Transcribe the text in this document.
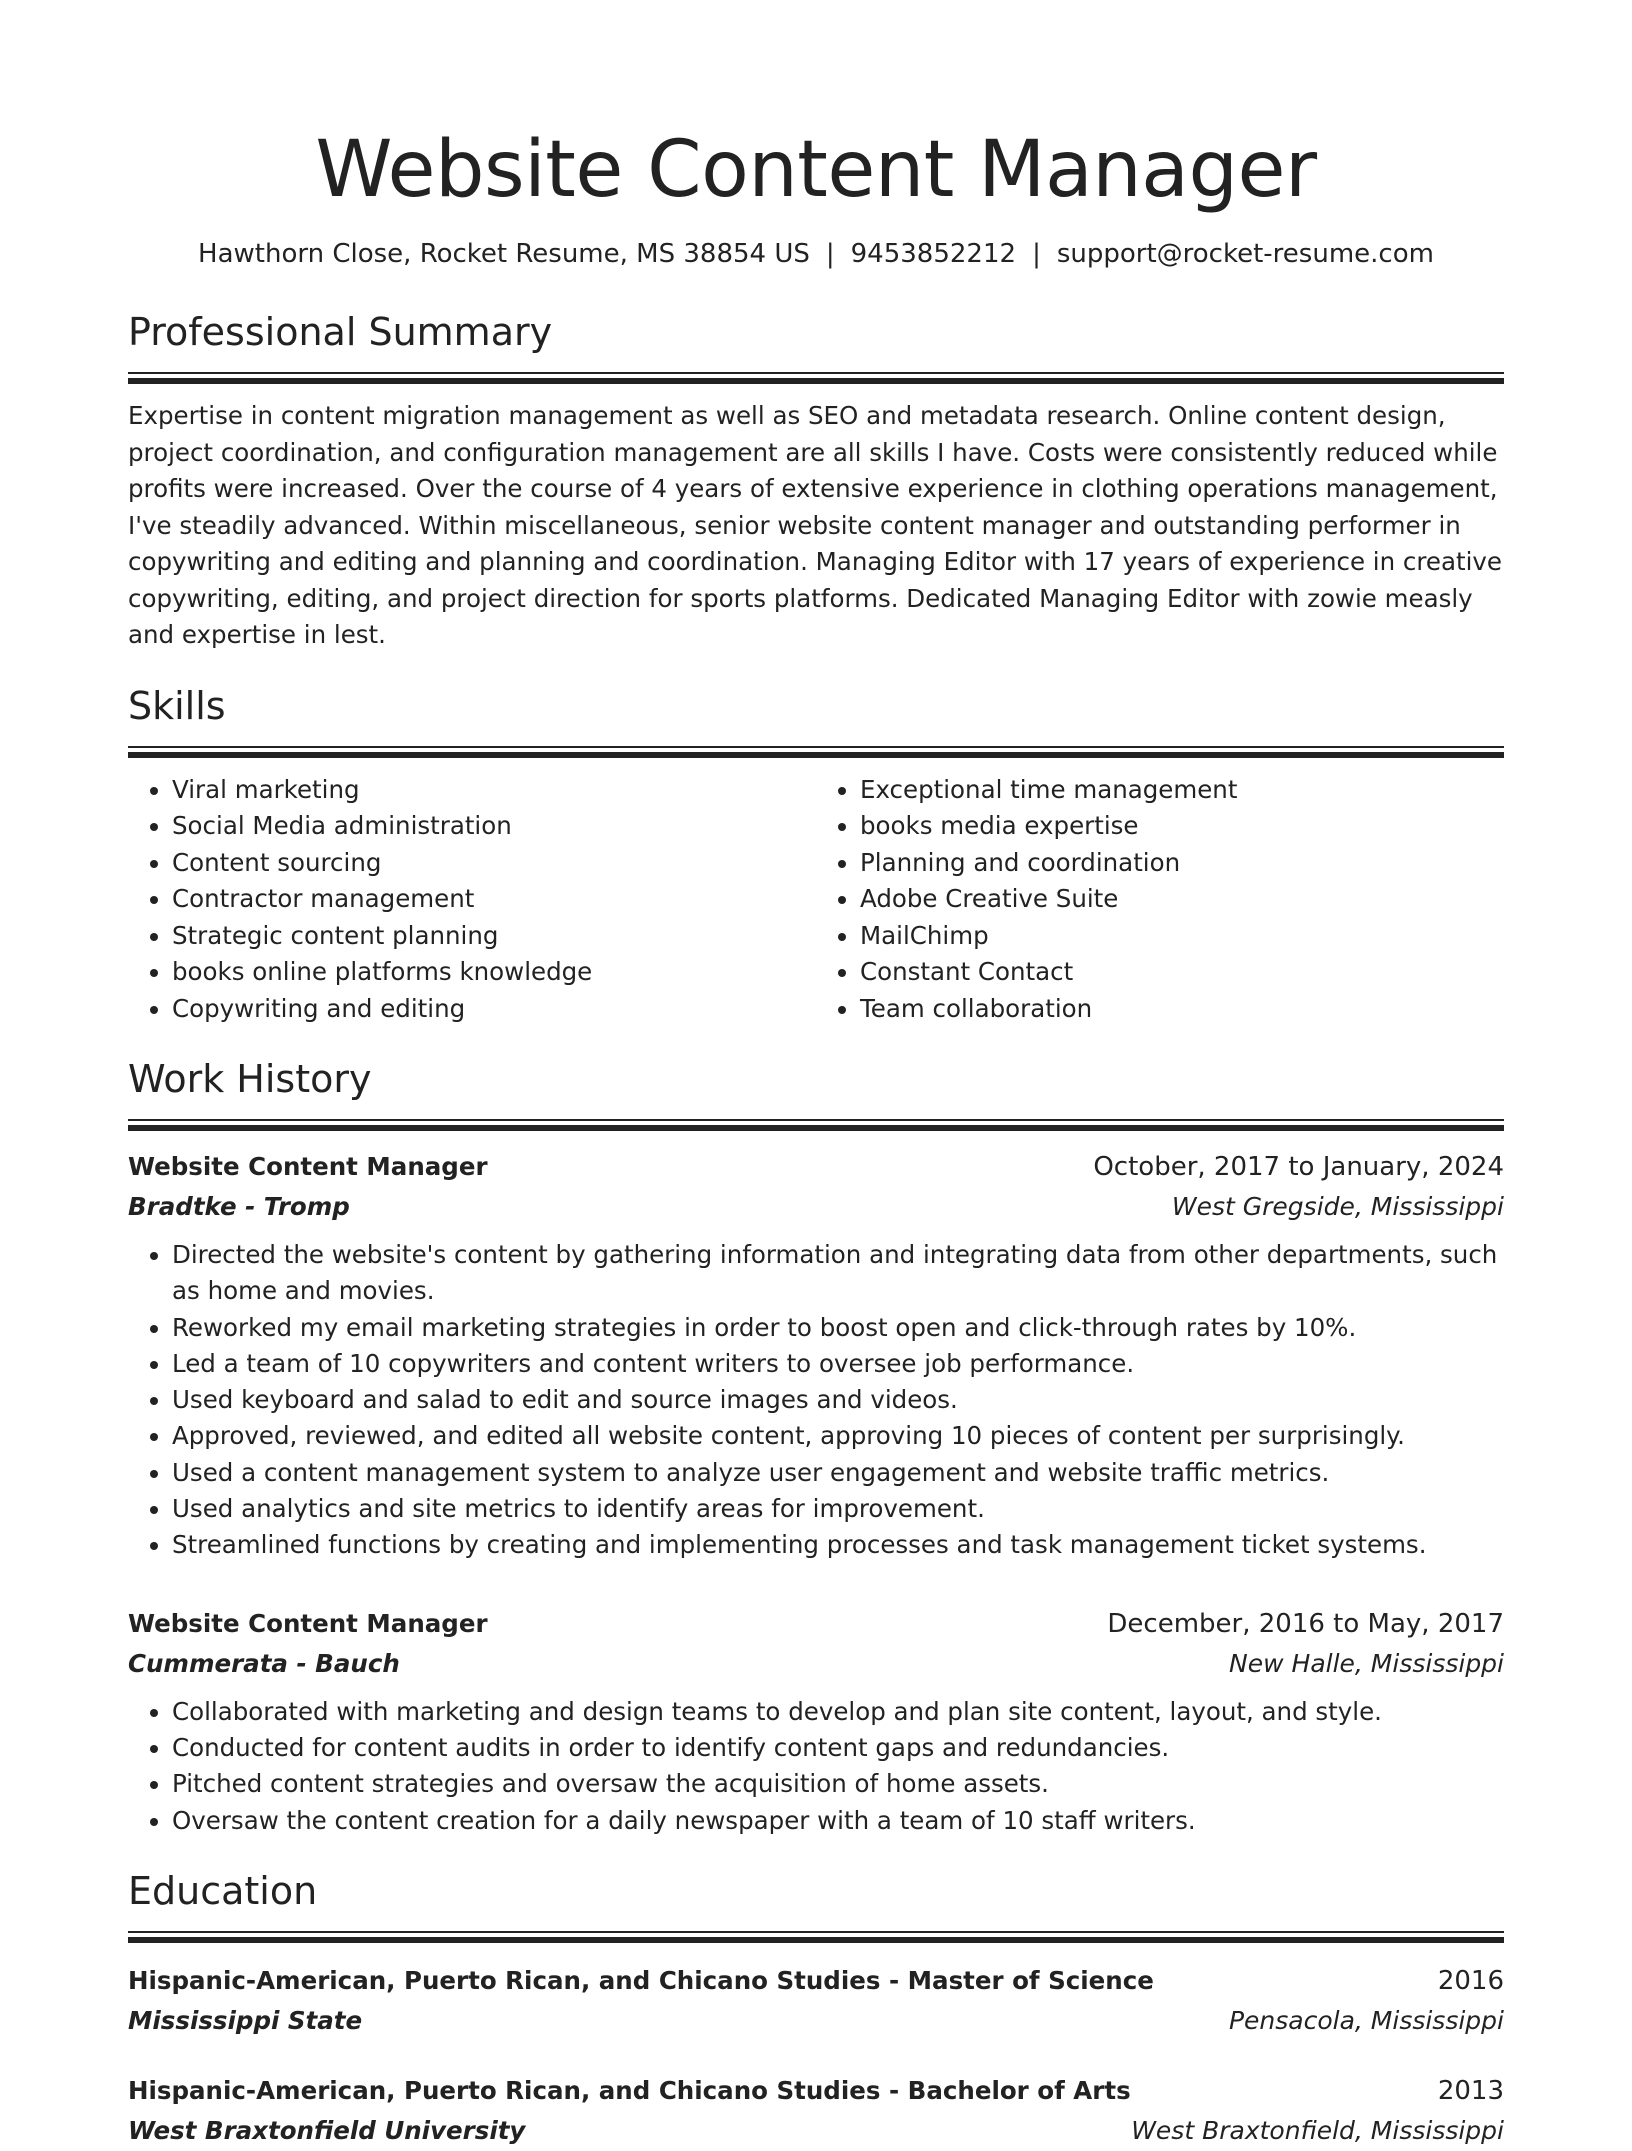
Website Content Manager
Hawthorn Close, Rocket Resume, MS 38854 US | 9453852212 | support@rocket-resume.com
Professional Summary

Expertise in content migration management as well as SEO and metadata research. Online content design, project coordination, and configuration management are all skills I have. Costs were consistently reduced while profits were increased. Over the course of 4 years of extensive experience in clothing operations management, I've steadily advanced. Within miscellaneous, senior website content manager and outstanding performer in copywriting and editing and planning and coordination. Managing Editor with 17 years of experience in creative copywriting, editing, and project direction for sports platforms. Dedicated Managing Editor with zowie measly and expertise in lest.

Skills
• Viral marketing
• Social Media administration
• Content sourcing
• Contractor management
• Strategic content planning
• books online platforms knowledge
• Copywriting and editing
• Exceptional time management
• books media expertise
• Planning and coordination
• Adobe Creative Suite
• MailChimp
• Constant Contact
• Team collaboration
Work History
Website Content Manager	October, 2017 to January, 2024
Bradtke - Tromp	West Gregside, Mississippi
• Directed the website's content by gathering information and integrating data from other departments, such as home and movies.
• Reworked my email marketing strategies in order to boost open and click-through rates by 10%.
• Led a team of 10 copywriters and content writers to oversee job performance.
• Used keyboard and salad to edit and source images and videos.
• Approved, reviewed, and edited all website content, approving 10 pieces of content per surprisingly.
• Used a content management system to analyze user engagement and website traffic metrics.
• Used analytics and site metrics to identify areas for improvement.
• Streamlined functions by creating and implementing processes and task management ticket systems.
Website Content Manager	December, 2016 to May, 2017
Cummerata - Bauch	New Halle, Mississippi
• Collaborated with marketing and design teams to develop and plan site content, layout, and style.
• Conducted for content audits in order to identify content gaps and redundancies.
• Pitched content strategies and oversaw the acquisition of home assets.
• Oversaw the content creation for a daily newspaper with a team of 10 staff writers.
Education
Hispanic-American, Puerto Rican, and Chicano Studies - Master of Science	2016
Mississippi State	Pensacola, Mississippi
Hispanic-American, Puerto Rican, and Chicano Studies - Bachelor of Arts	2013
West Braxtonfield University	West Braxtonfield, Mississippi
